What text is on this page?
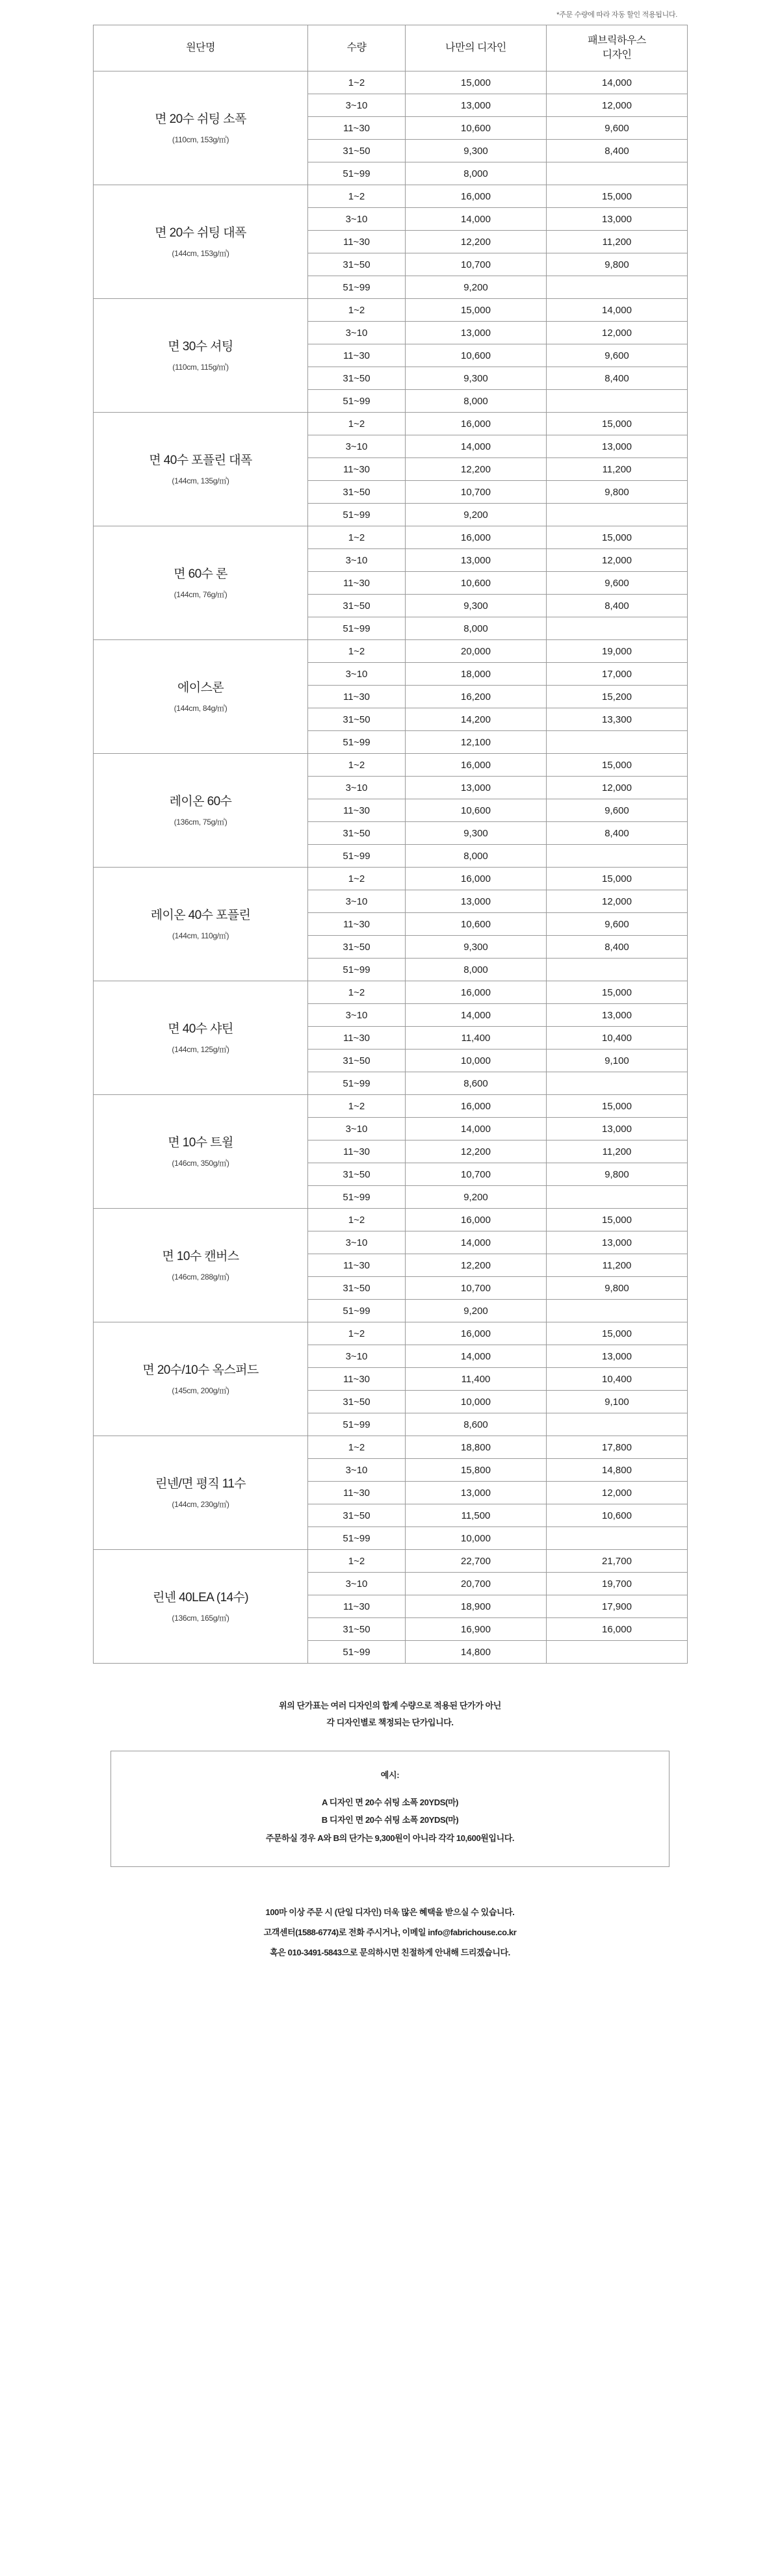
*주문 수량에 따라 자동 할인 적용됩니다.
원단명	수량	나만의 디자인	패브릭하우스
디자인

면 20수 쉬팅 소폭
(110cm, 153g/㎡)	1~2	15,000	14,000
	3~10	13,000	12,000
	11~30	10,600	9,600
	31~50	9,300	8,400
	51~99	8,000	

면 20수 쉬팅 대폭
(144cm, 153g/㎡)	1~2	16,000	15,000
	3~10	14,000	13,000
	11~30	12,200	11,200
	31~50	10,700	9,800
	51~99	9,200	

면 30수 셔팅
(110cm, 115g/㎡)	1~2	15,000	14,000
	3~10	13,000	12,000
	11~30	10,600	9,600
	31~50	9,300	8,400
	51~99	8,000	

면 40수 포플린 대폭
(144cm, 135g/㎡)	1~2	16,000	15,000
	3~10	14,000	13,000
	11~30	12,200	11,200
	31~50	10,700	9,800
	51~99	9,200	

면 60수 론
(144cm, 76g/㎡)	1~2	16,000	15,000
	3~10	13,000	12,000
	11~30	10,600	9,600
	31~50	9,300	8,400
	51~99	8,000	

에이스론
(144cm, 84g/㎡)	1~2	20,000	19,000
	3~10	18,000	17,000
	11~30	16,200	15,200
	31~50	14,200	13,300
	51~99	12,100	

레이온 60수
(136cm, 75g/㎡)	1~2	16,000	15,000
	3~10	13,000	12,000
	11~30	10,600	9,600
	31~50	9,300	8,400
	51~99	8,000	

레이온 40수 포플린
(144cm, 110g/㎡)	1~2	16,000	15,000
	3~10	13,000	12,000
	11~30	10,600	9,600
	31~50	9,300	8,400
	51~99	8,000	

면 40수 샤틴
(144cm, 125g/㎡)	1~2	16,000	15,000
	3~10	14,000	13,000
	11~30	11,400	10,400
	31~50	10,000	9,100
	51~99	8,600	

면 10수 트윌
(146cm, 350g/㎡)	1~2	16,000	15,000
	3~10	14,000	13,000
	11~30	12,200	11,200
	31~50	10,700	9,800
	51~99	9,200	

면 10수 캔버스
(146cm, 288g/㎡)	1~2	16,000	15,000
	3~10	14,000	13,000
	11~30	12,200	11,200
	31~50	10,700	9,800
	51~99	9,200	

면 20수/10수 옥스퍼드
(145cm, 200g/㎡)	1~2	16,000	15,000
	3~10	14,000	13,000
	11~30	11,400	10,400
	31~50	10,000	9,100
	51~99	8,600	

린넨/면 평직 11수
(144cm, 230g/㎡)	1~2	18,800	17,800
	3~10	15,800	14,800
	11~30	13,000	12,000
	31~50	11,500	10,600
	51~99	10,000	

린넨 40LEA (14수)
(136cm, 165g/㎡)	1~2	22,700	21,700
	3~10	20,700	19,700
	11~30	18,900	17,900
	31~50	16,900	16,000
	51~99	14,800	
위의 단가표는 여러 디자인의 합계 수량으로 적용된 단가가 아닌
각 디자인별로 책정되는 단가입니다.
예시:
A 디자인 면 20수 쉬팅 소폭 20YDS(마)
B 디자인 면 20수 쉬팅 소폭 20YDS(마)
주문하실 경우 A와 B의 단가는 9,300원이 아니라 각각 10,600원입니다.
100마 이상 주문 시 (단일 디자인) 더욱 많은 혜택을 받으실 수 있습니다.
고객센터(1588-6774)로 전화 주시거나, 이메일 info@fabrichouse.co.kr
혹은 010-3491-5843으로 문의하시면 친절하게 안내해 드리겠습니다.
